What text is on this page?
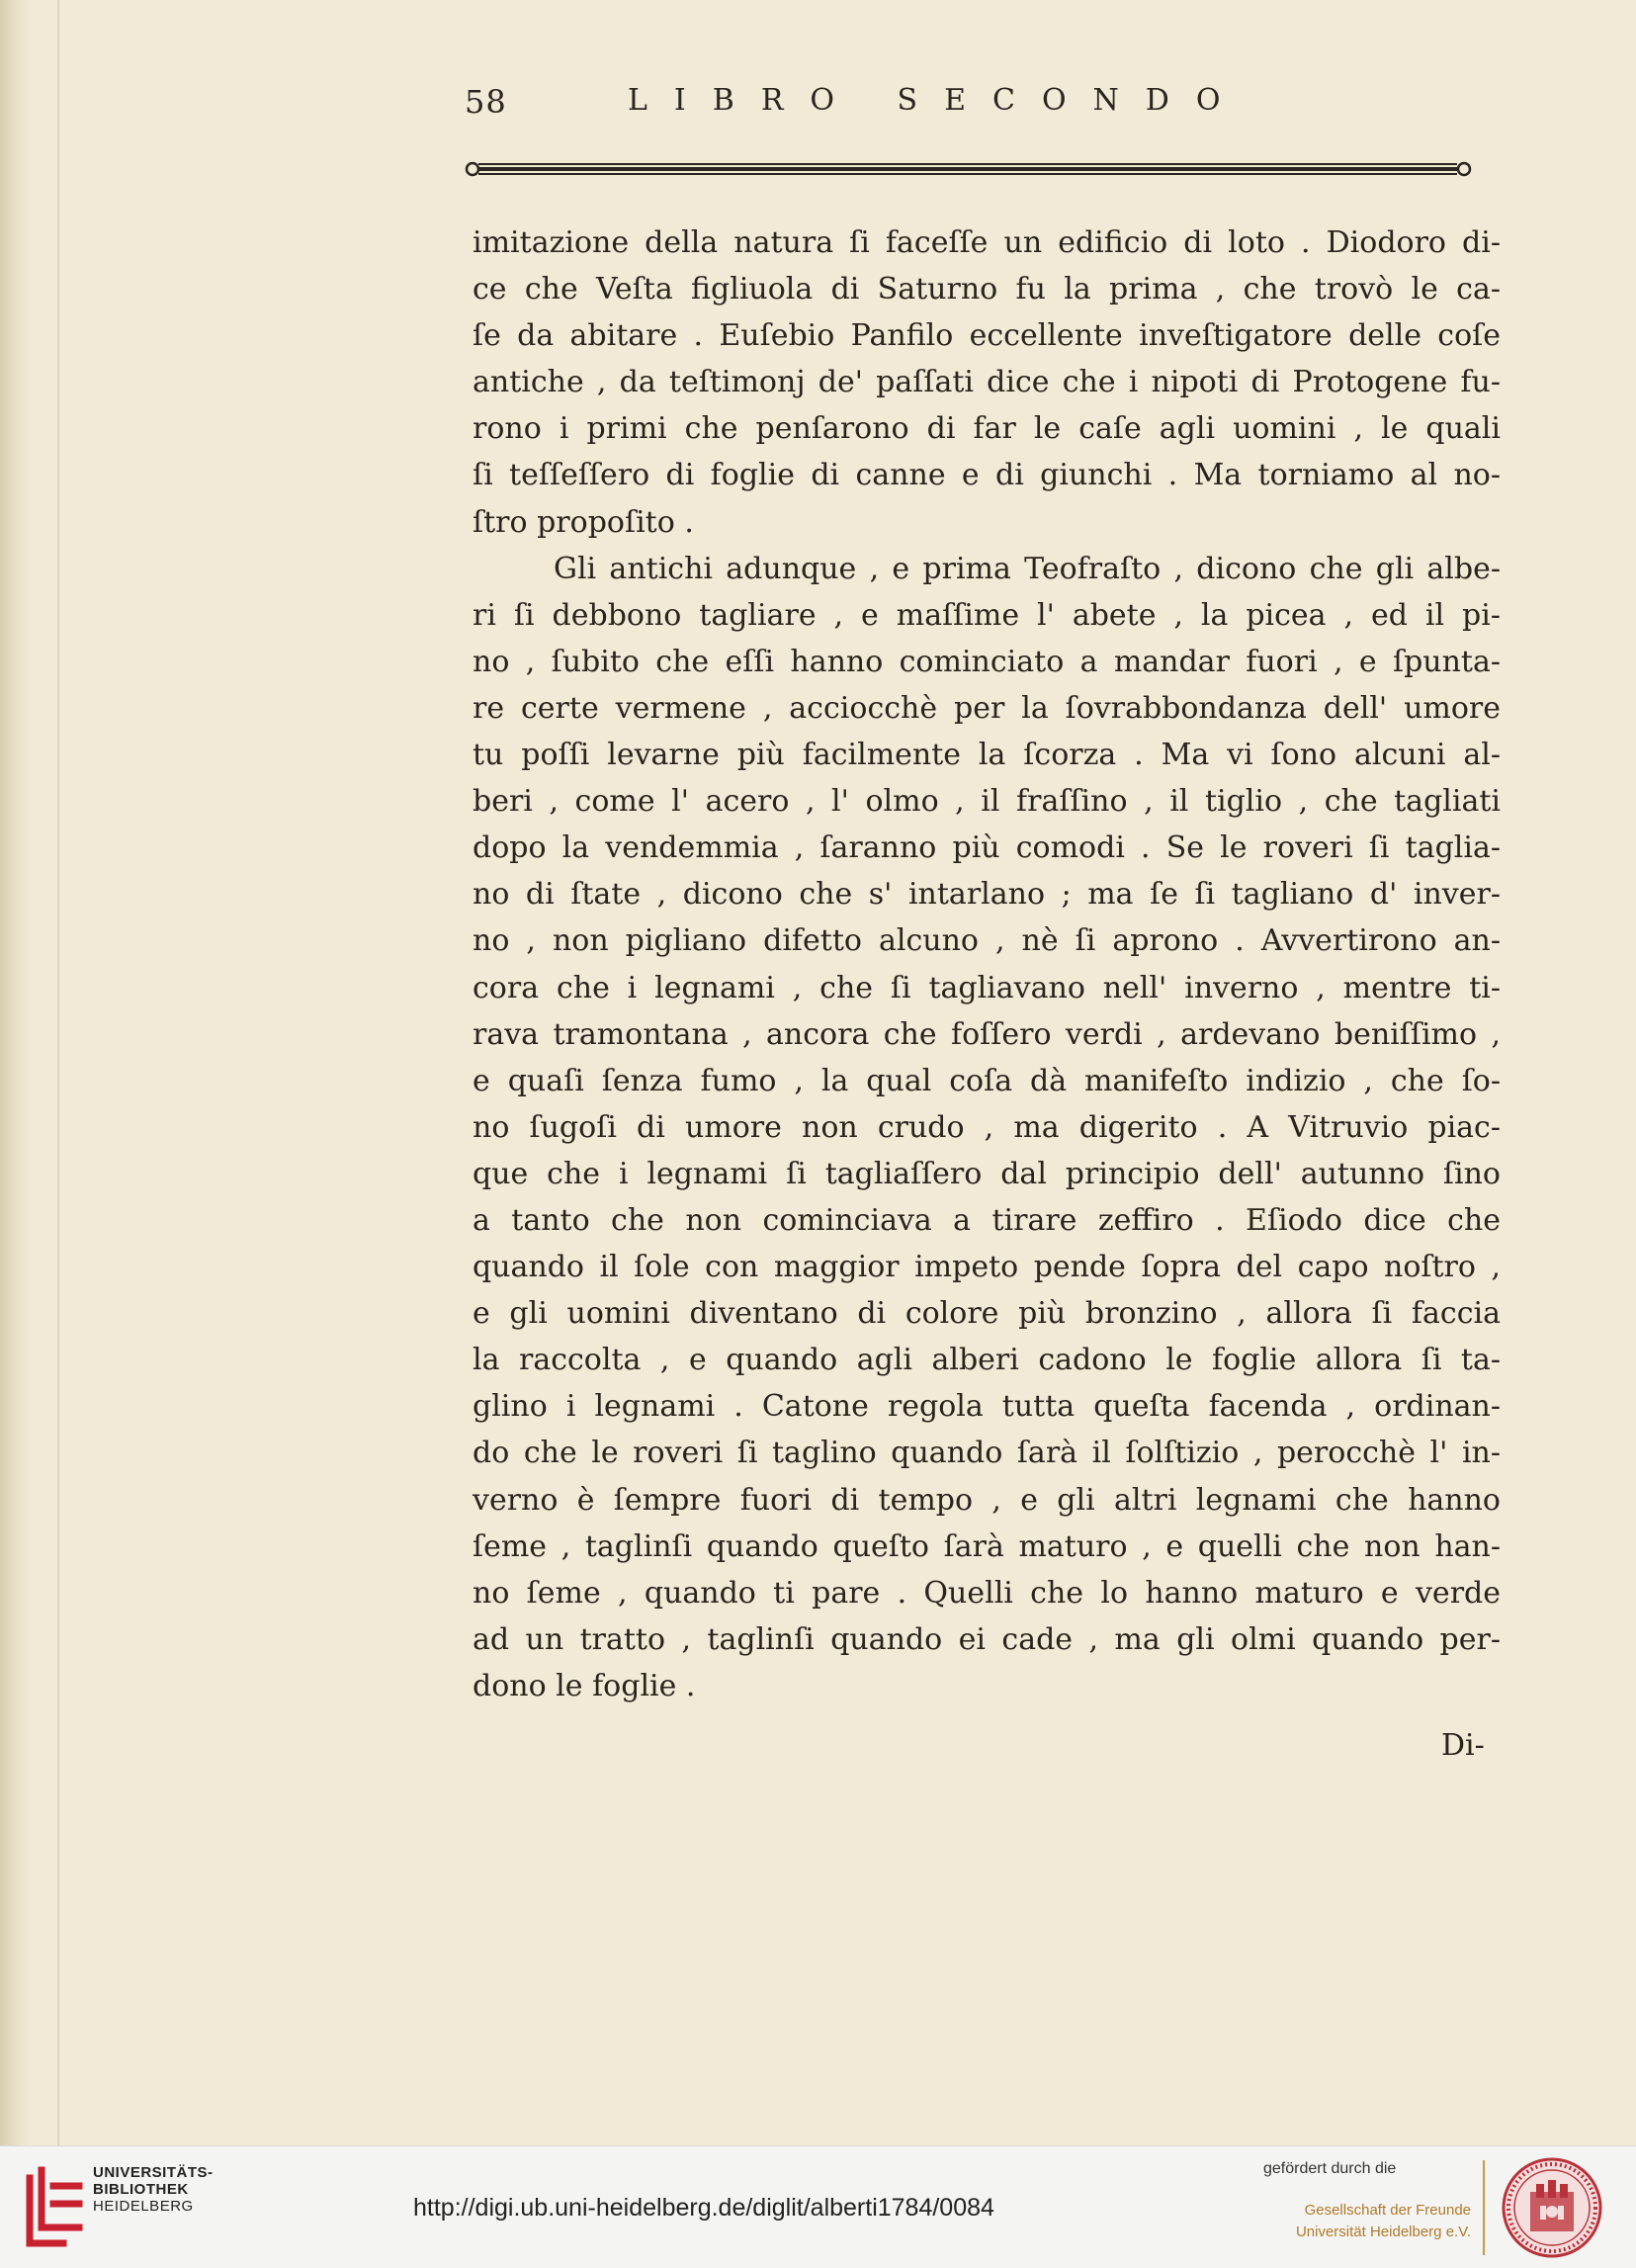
58	LIBRO SECONDO
imitazione della natura ſi faceſſe un edificio di loto . Diodoro di-
ce che Veſta figliuola di Saturno fu la prima , che trovò le ca-
ſe da abitare . Euſebio Panfilo eccellente inveſtigatore delle coſe
antiche , da teſtimonj de' paſſati dice che i nipoti di Protogene fu-
rono i primi che penſarono di far le caſe agli uomini , le quali
ſi teſſeſſero di foglie di canne e di giunchi . Ma torniamo al no-
ſtro propoſito .
Gli antichi adunque , e prima Teofraſto , dicono che gli albe-
ri ſi debbono tagliare , e maſſime l' abete , la picea , ed il pi-
no , ſubito che eſſi hanno cominciato a mandar fuori , e ſpunta-
re certe vermene , acciocchè per la ſovrabbondanza dell' umore
tu poſſi levarne più facilmente la ſcorza . Ma vi ſono alcuni al-
beri , come l' acero , l' olmo , il fraſſino , il tiglio , che tagliati
dopo la vendemmia , ſaranno più comodi . Se le roveri ſi taglia-
no di ſtate , dicono che s' intarlano ; ma ſe ſi tagliano d' inver-
no , non pigliano difetto alcuno , nè ſi aprono . Avvertirono an-
cora che i legnami , che ſi tagliavano nell' inverno , mentre ti-
rava tramontana , ancora che foſſero verdi , ardevano beniſſimo ,
e quaſi ſenza fumo , la qual coſa dà manifeſto indizio , che ſo-
no ſugoſi di umore non crudo , ma digerito . A Vitruvio piac-
que che i legnami ſi tagliaſſero dal principio dell' autunno ſino
a tanto che non cominciava a tirare zeffiro . Eſiodo dice che
quando il ſole con maggior impeto pende ſopra del capo noſtro ,
e gli uomini diventano di colore più bronzino , allora ſi faccia
la raccolta , e quando agli alberi cadono le foglie allora ſi ta-
glino i legnami . Catone regola tutta queſta facenda , ordinan-
do che le roveri ſi taglino quando ſarà il ſolſtizio , perocchè l' in-
verno è ſempre fuori di tempo , e gli altri legnami che hanno
ſeme , taglinſi quando queſto ſarà maturo , e quelli che non han-
no ſeme , quando ti pare . Quelli che lo hanno maturo e verde
ad un tratto , taglinſi quando ei cade , ma gli olmi quando per-
dono le foglie .
Di-
UNIVERSITÄTS-
BIBLIOTHEK
HEIDELBERG	http://digi.ub.uni-heidelberg.de/diglit/alberti1784/0084
gefördert durch die
Gesellschaft der Freunde
Universität Heidelberg e.V.
